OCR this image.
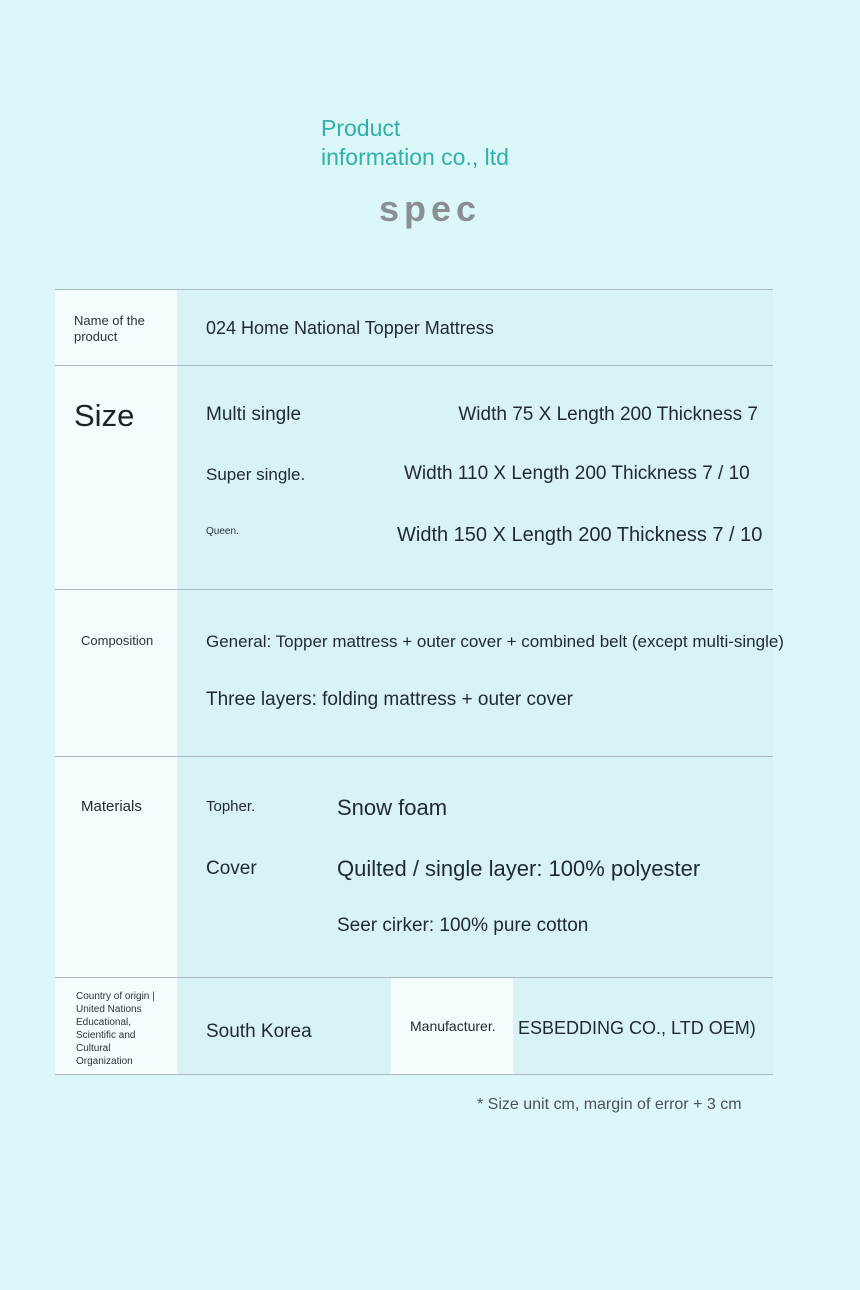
Product
information co., ltd
spec
Name of the product	024 Home National Topper Mattress
Size	Multi single	Width 75 X Length 200 Thickness 7
Super single.	Width 110 X Length 200 Thickness 7 / 10
Queen.	Width 150 X Length 200 Thickness 7 / 10
Composition	General: Topper mattress + outer cover + combined belt (except multi-single)
Three layers: folding mattress + outer cover
Materials	Topher.	Snow foam
Cover	Quilted / single layer: 100% polyester
Seer cirker: 100% pure cotton
Country of origin | United Nations Educational, Scientific and Cultural Organization
South Korea	Manufacturer. ESBEDDING CO., LTD OEM)
* Size unit cm, margin of error + 3 cm
